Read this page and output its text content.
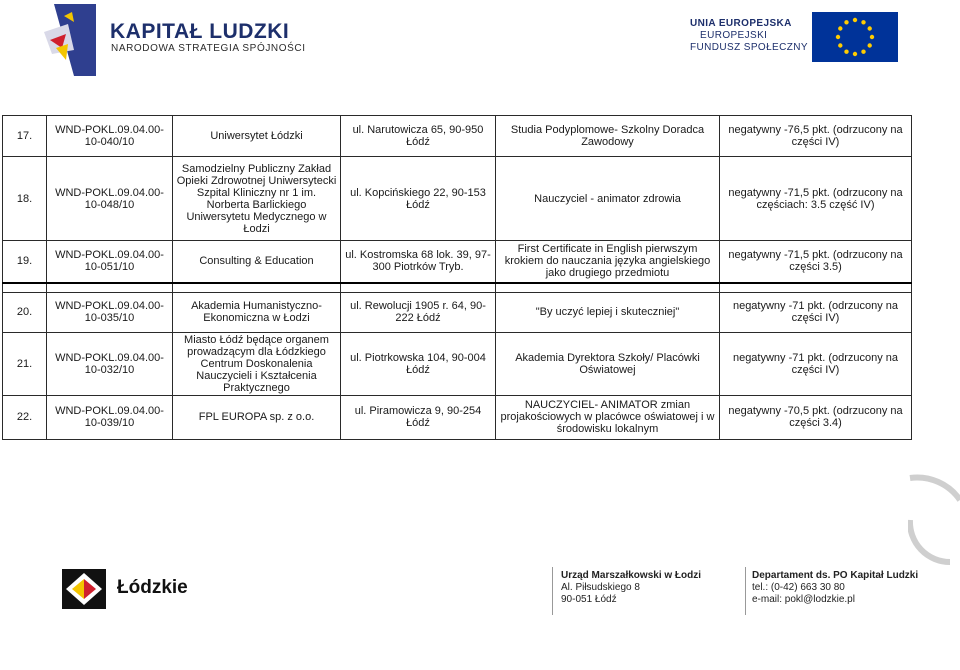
KAPITAŁ LUDZKI
NARODOWA STRATEGIA SPÓJNOŚCI
UNIA EUROPEJSKA
EUROPEJSKI
FUNDUSZ SPOŁECZNY
17.	WND-POKL.09.04.00-10-040/10	Uniwersytet Łódzki	ul. Narutowicza 65, 90-950 Łódź	Studia Podyplomowe- Szkolny Doradca Zawodowy	negatywny -76,5 pkt. (odrzucony na części IV)
18.	WND-POKL.09.04.00-10-048/10	Samodzielny Publiczny Zakład Opieki Zdrowotnej Uniwersytecki Szpital Kliniczny nr 1 im. Norberta Barlickiego Uniwersytetu Medycznego w Łodzi	ul. Kopcińskiego 22, 90-153 Łódź	Nauczyciel - animator zdrowia	negatywny -71,5 pkt. (odrzucony na częściach: 3.5 część IV)
19.	WND-POKL.09.04.00-10-051/10	Consulting & Education	ul. Kostromska 68 lok. 39, 97-300 Piotrków Tryb.	First Certificate in English pierwszym krokiem do nauczania języka angielskiego jako drugiego przedmiotu	negatywny -71,5 pkt. (odrzucony na części 3.5)

20.	WND-POKL.09.04.00-10-035/10	Akademia Humanistyczno-Ekonomiczna w Łodzi	ul. Rewolucji 1905 r. 64, 90-222 Łódź	"By uczyć lepiej i skuteczniej"	negatywny -71 pkt. (odrzucony na części IV)
21.	WND-POKL.09.04.00-10-032/10	Miasto Łódź będące organem prowadzącym dla Łódzkiego Centrum Doskonalenia Nauczycieli i Kształcenia Praktycznego	ul. Piotrkowska 104, 90-004 Łódź	Akademia Dyrektora Szkoły/ Placówki Oświatowej	negatywny -71 pkt. (odrzucony na części IV)
22.	WND-POKL.09.04.00-10-039/10	FPL EUROPA sp. z o.o.	ul. Piramowicza 9, 90-254 Łódź	NAUCZYCIEL- ANIMATOR zmian projakościowych w placówce oświatowej i w środowisku lokalnym	negatywny -70,5 pkt. (odrzucony na części 3.4)
Łódzkie
Urząd Marszałkowski w Łodzi
Al. Piłsudskiego 8
90-051 Łódź
Departament ds. PO Kapitał Ludzki
tel.: (0-42) 663 30 80
e-mail: pokl@lodzkie.pl
